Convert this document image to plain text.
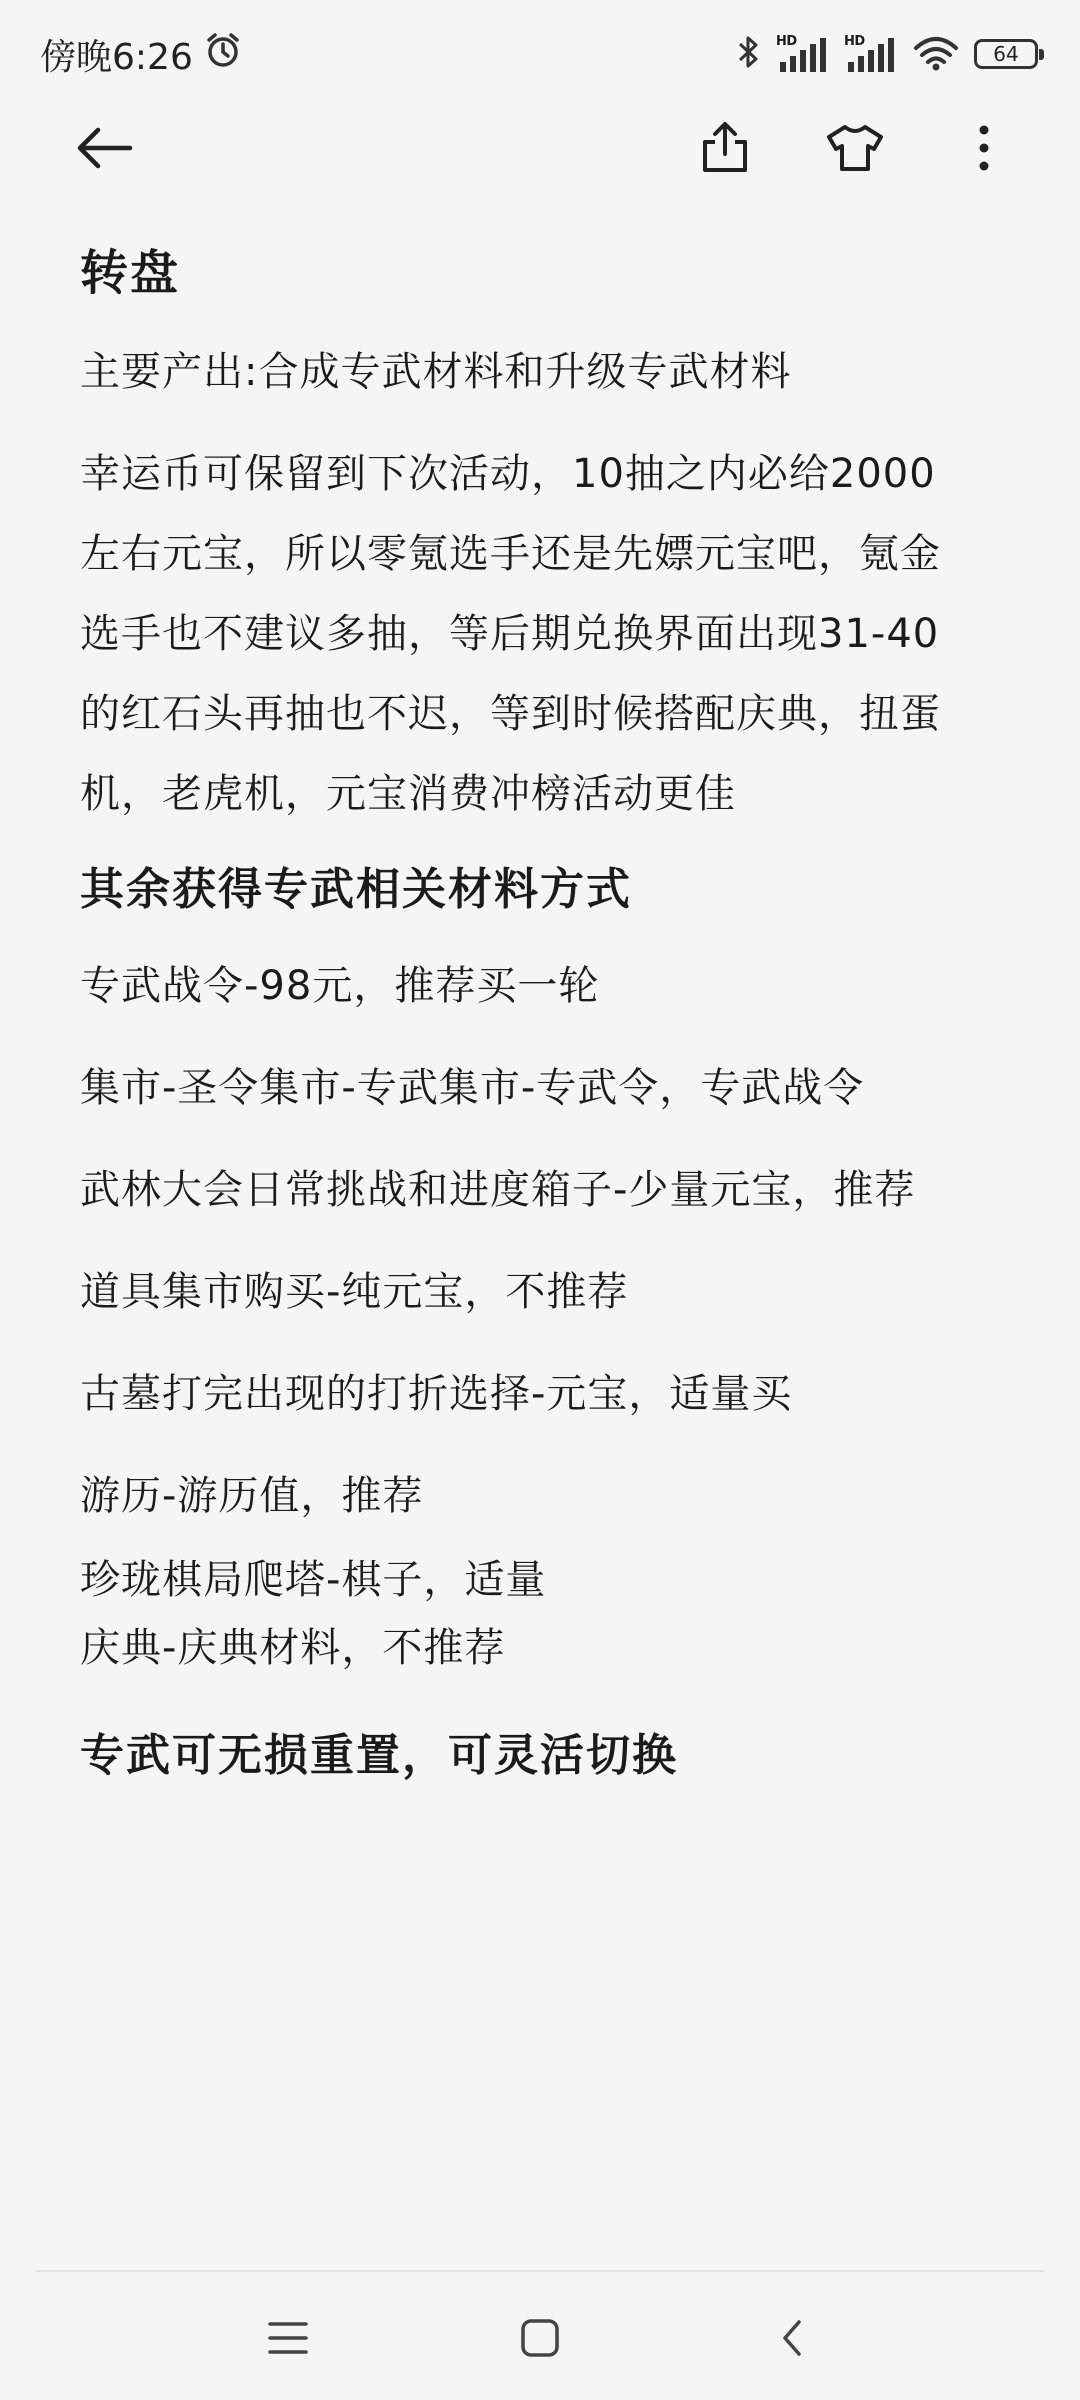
傍晚6:26	HD	HD
64
转盘

主要产出:合成专武材料和升级专武材料

幸运币可保留到下次活动，10抽之内必给2000

左右元宝，所以零氪选手还是先嫖元宝吧，氪金

选手也不建议多抽，等后期兑换界面出现31-40

的红石头再抽也不迟，等到时候搭配庆典，扭蛋

机，老虎机，元宝消费冲榜活动更佳

其余获得专武相关材料方式

专武战令-98元，推荐买一轮

集市-圣令集市-专武集市-专武令，专武战令

武林大会日常挑战和进度箱子-少量元宝，推荐

道具集市购买-纯元宝，不推荐

古墓打完出现的打折选择-元宝，适量买

游历-游历值，推荐

珍珑棋局爬塔-棋子，适量

庆典-庆典材料，不推荐

专武可无损重置，可灵活切换
